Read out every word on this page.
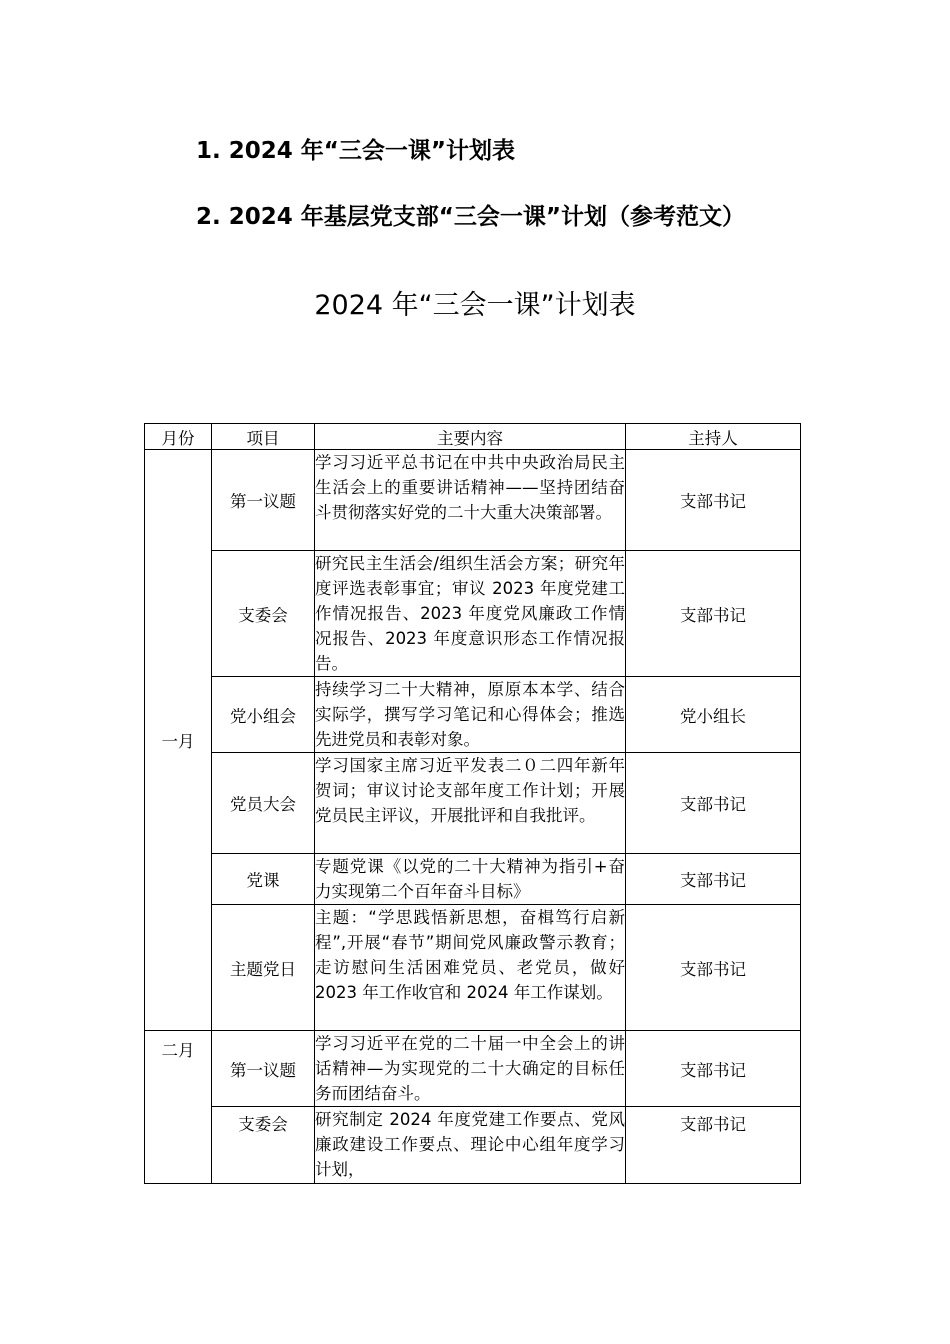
1. 2024 年“三会一课”计划表
2. 2024 年基层党支部“三会一课”计划（参考范文）
2024 年“三会一课”计划表
月份	项目	主要内容	主持人
一月	第一议题	学习习近平总书记在中共中央政治局民主生活会上的重要讲话精神——坚持团结奋斗贯彻落实好党的二十大重大决策部署。	支部书记
	支委会	研究民主生活会/组织生活会方案；研究年度评选表彰事宜；审议 2023 年度党建工作情况报告、2023 年度党风廉政工作情况报告、2023 年度意识形态工作情况报告。	支部书记
	党小组会	持续学习二十大精神，原原本本学、结合实际学，撰写学习笔记和心得体会；推选先进党员和表彰对象。	党小组长
	党员大会	学习国家主席习近平发表二０二四年新年贺词；审议讨论支部年度工作计划；开展党员民主评议，开展批评和自我批评。	支部书记
	党课	专题党课《以党的二十大精神为指引+奋力实现第二个百年奋斗目标》	支部书记
	主题党日	主题：“学思践悟新思想，奋楫笃行启新程”,开展“春节”期间党风廉政警示教育；走访慰问生活困难党员、老党员，做好 2023 年工作收官和 2024 年工作谋划。	支部书记
二月	第一议题	学习习近平在党的二十届一中全会上的讲话精神—为实现党的二十大确定的目标任务而团结奋斗。	支部书记
	支委会	研究制定 2024 年度党建工作要点、党风廉政建设工作要点、理论中心组年度学习计划，	支部书记
